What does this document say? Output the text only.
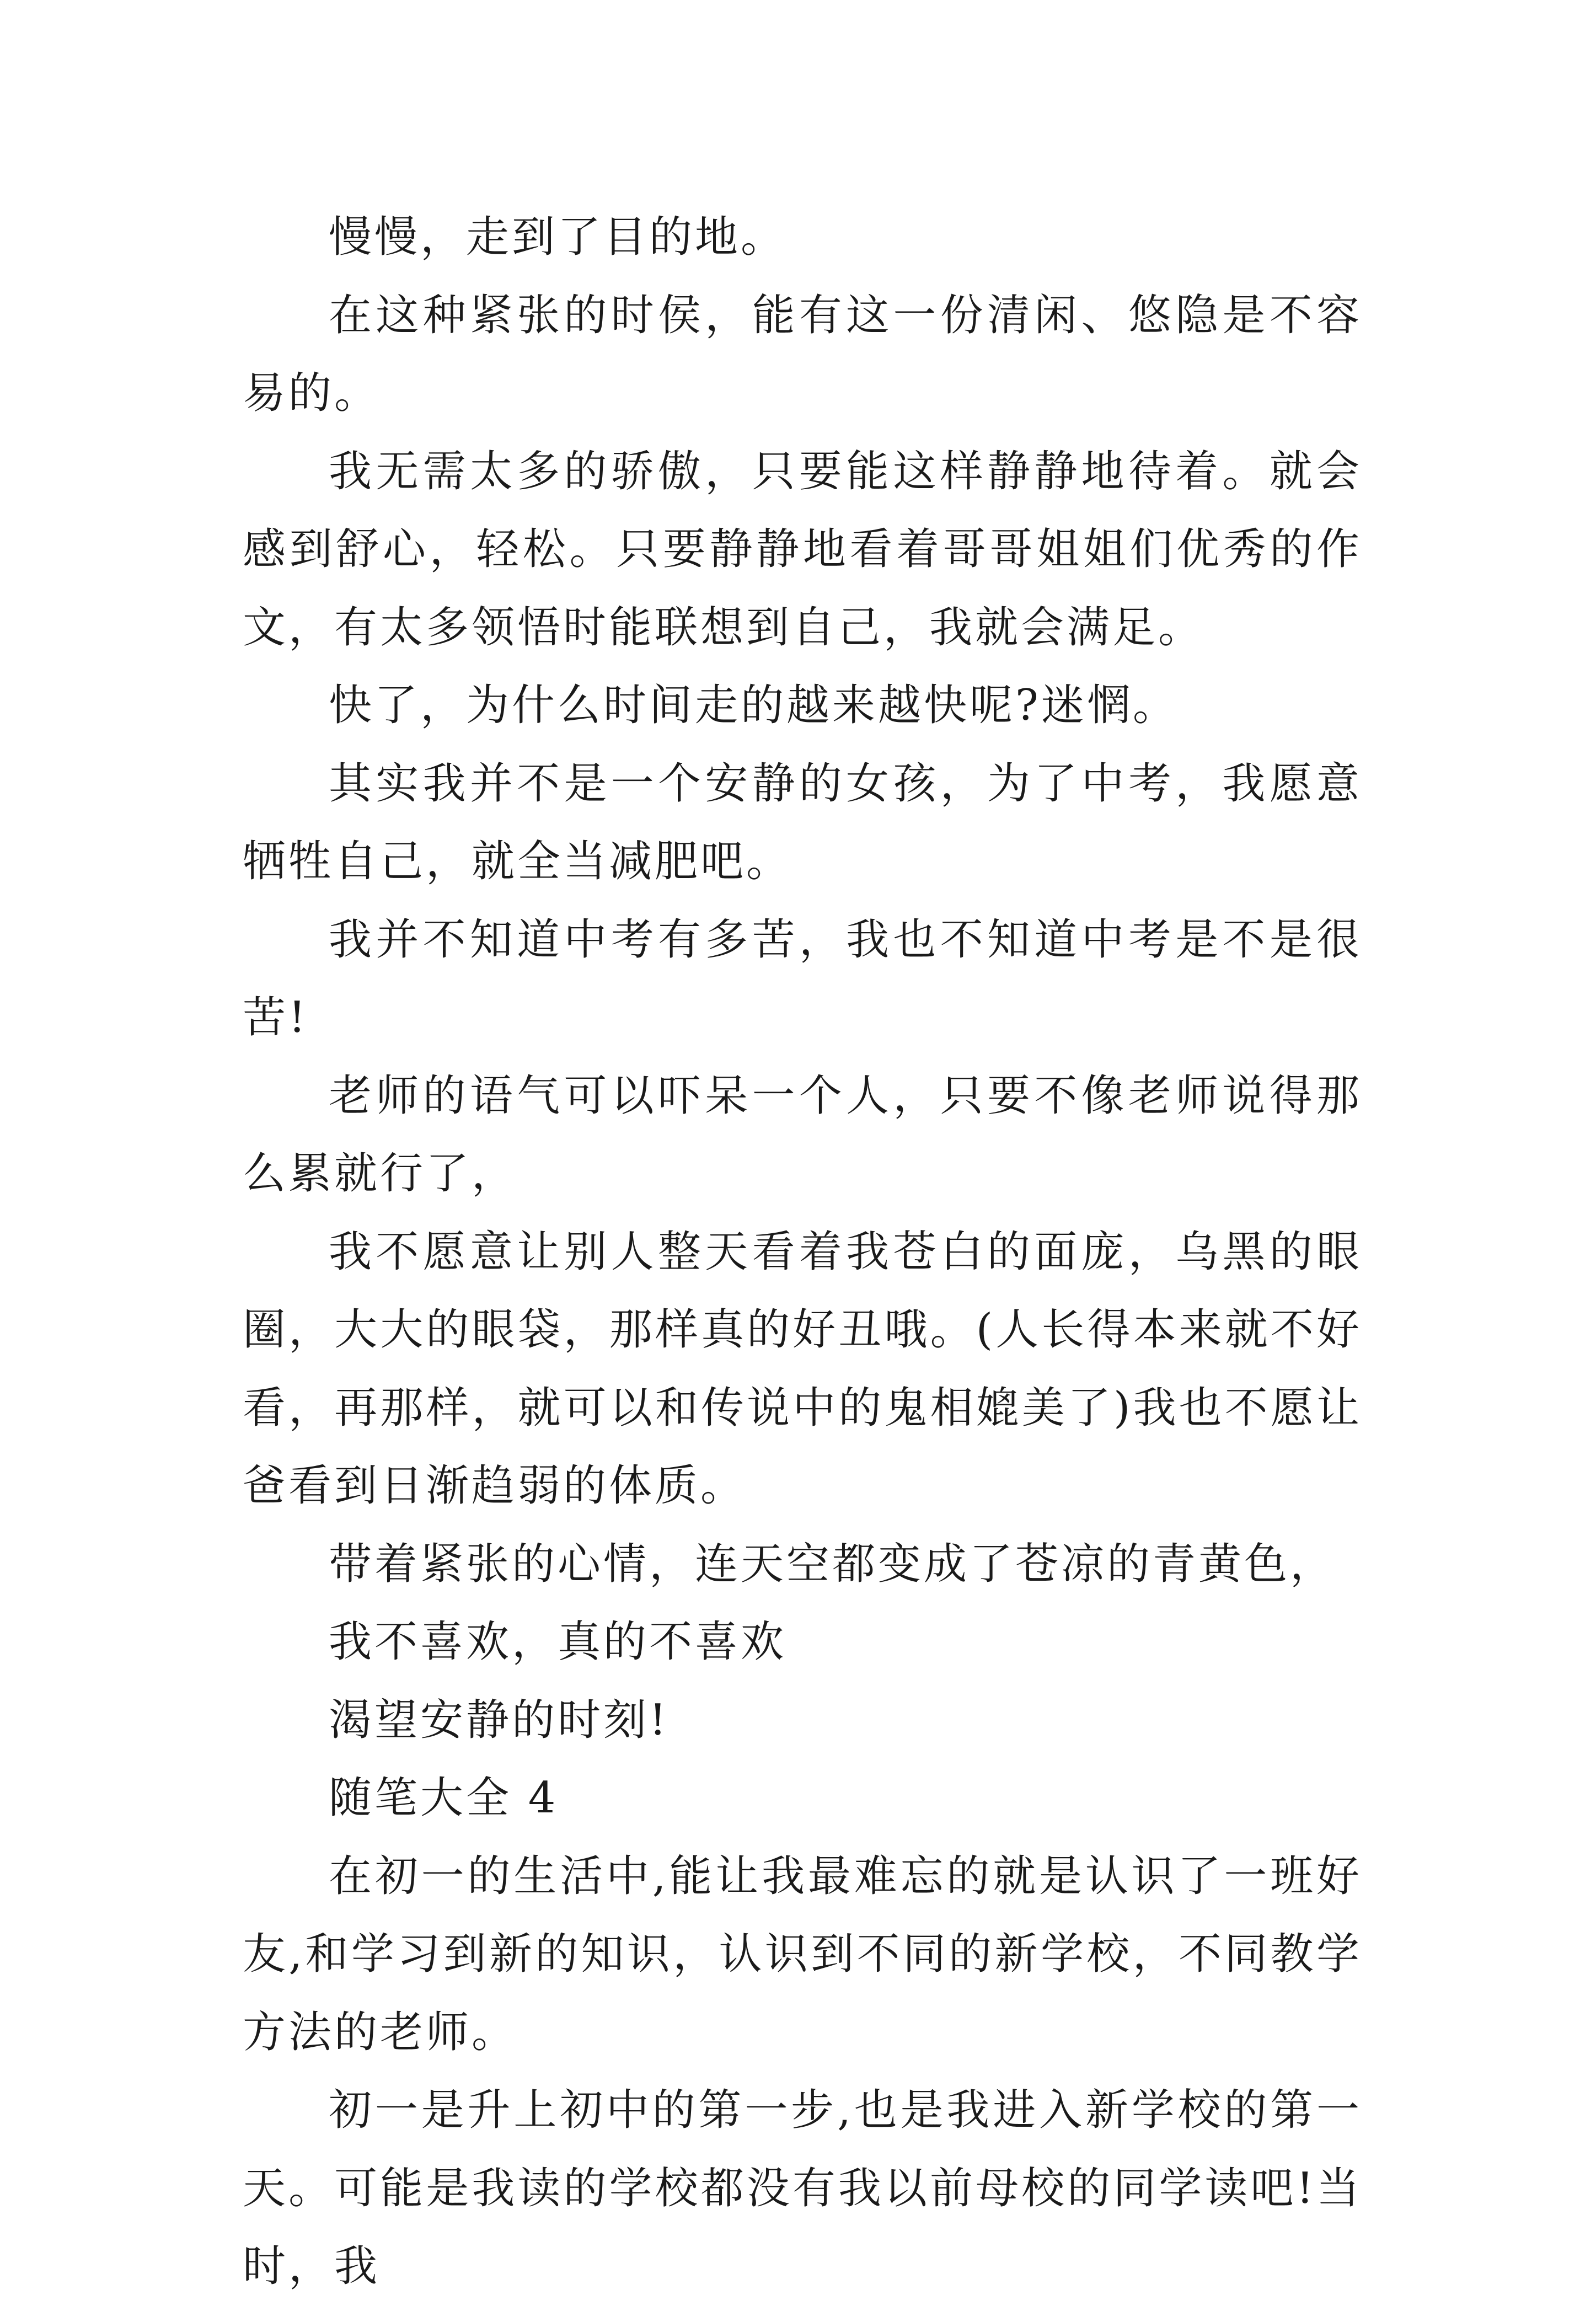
慢慢，走到了目的地。

在这种紧张的时侯，能有这一份清闲、悠隐是不容易的。

我无需太多的骄傲，只要能这样静静地待着。就会感到舒心，轻松。只要静静地看着哥哥姐姐们优秀的作文，有太多领悟时能联想到自己，我就会满足。

快了，为什么时间走的越来越快呢?迷惘。

其实我并不是一个安静的女孩，为了中考，我愿意牺牲自己，就全当减肥吧。

我并不知道中考有多苦，我也不知道中考是不是很苦!

老师的语气可以吓呆一个人，只要不像老师说得那么累就行了，

我不愿意让别人整天看着我苍白的面庞，乌黑的眼圈，大大的眼袋，那样真的好丑哦。(人长得本来就不好看，再那样，就可以和传说中的鬼相媲美了)我也不愿让爸看到日渐趋弱的体质。

带着紧张的心情，连天空都变成了苍凉的青黄色，

我不喜欢，真的不喜欢

渴望安静的时刻!

随笔大全 4

在初一的生活中,能让我最难忘的就是认识了一班好友,和学习到新的知识，认识到不同的新学校，不同教学方法的老师。

初一是升上初中的第一步,也是我进入新学校的第一天。可能是我读的学校都没有我以前母校的同学读吧!当时，我
